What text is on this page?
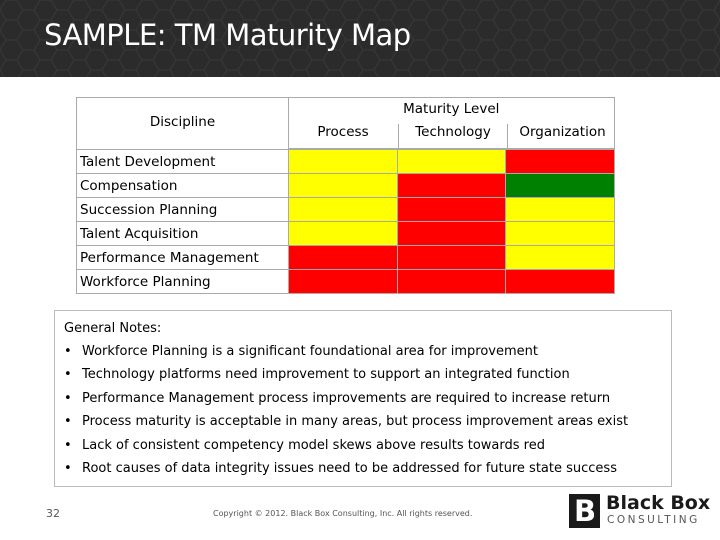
SAMPLE: TM Maturity Map
Discipline	Maturity Level
Process Technology Organization		

Talent Development			
Compensation			
Succession Planning			
Talent Acquisition			
Performance Management			
Workforce Planning			
General Notes:
• Workforce Planning is a significant foundational area for improvement
• Technology platforms need improvement to support an integrated function
• Performance Management process improvements are required to increase return
• Process maturity is acceptable in many areas, but process improvement areas exist
• Lack of consistent competency model skews above results towards red
• Root causes of data integrity issues need to be addressed for future state success
32	Copyright © 2012. Black Box Consulting, Inc. All rights reserved.	B Black Box
CONSULTING
